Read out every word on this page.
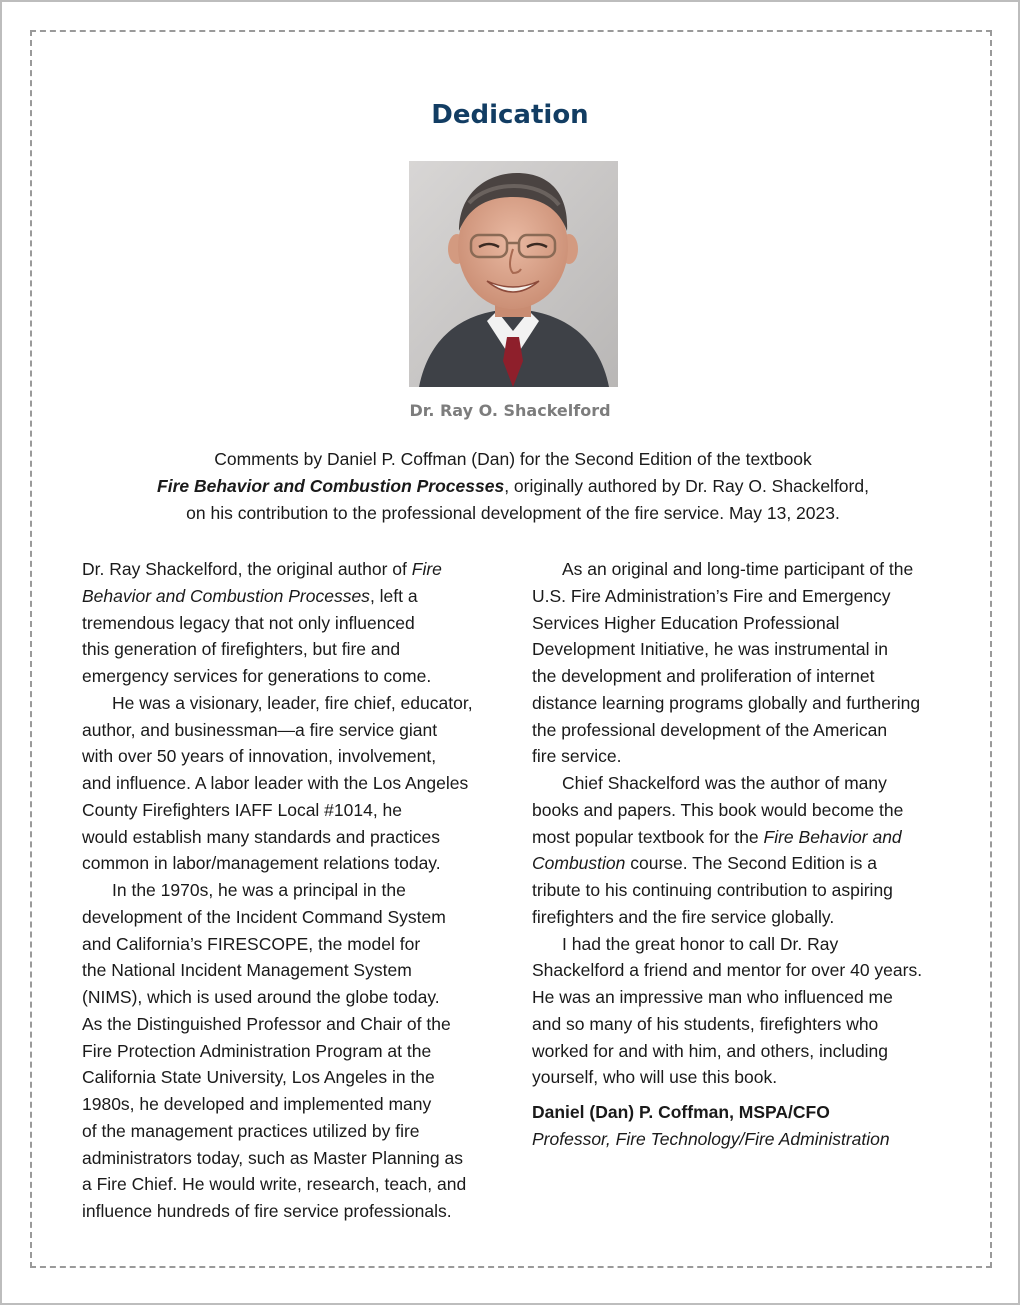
Dedication
Dr. Ray O. Shackelford
Comments by Daniel P. Coffman (Dan) for the Second Edition of the textbook
Fire Behavior and Combustion Processes, originally authored by Dr. Ray O. Shackelford,
on his contribution to the professional development of the fire service. May 13, 2023.
Dr. Ray Shackelford, the original author of Fire
Behavior and Combustion Processes, left a
tremendous legacy that not only influenced
this generation of firefighters, but fire and
emergency services for generations to come.
He was a visionary, leader, fire chief, educator,
author, and businessman—a fire service giant
with over 50 years of innovation, involvement,
and influence. A labor leader with the Los Angeles
County Firefighters IAFF Local #1014, he
would establish many standards and practices
common in labor/management relations today.
In the 1970s, he was a principal in the
development of the Incident Command System
and California’s FIRESCOPE, the model for
the National Incident Management System
(NIMS), which is used around the globe today.
As the Distinguished Professor and Chair of the
Fire Protection Administration Program at the
California State University, Los Angeles in the
1980s, he developed and implemented many
of the management practices utilized by fire
administrators today, such as Master Planning as
a Fire Chief. He would write, research, teach, and
influence hundreds of fire service professionals.
As an original and long-time participant of the
U.S. Fire Administration’s Fire and Emergency
Services Higher Education Professional
Development Initiative, he was instrumental in
the development and proliferation of internet
distance learning programs globally and furthering
the professional development of the American
fire service.
Chief Shackelford was the author of many
books and papers. This book would become the
most popular textbook for the Fire Behavior and
Combustion course. The Second Edition is a
tribute to his continuing contribution to aspiring
firefighters and the fire service globally.
I had the great honor to call Dr. Ray
Shackelford a friend and mentor for over 40 years.
He was an impressive man who influenced me
and so many of his students, firefighters who
worked for and with him, and others, including
yourself, who will use this book.
Daniel (Dan) P. Coffman, MSPA/CFO
Professor, Fire Technology/Fire Administration
